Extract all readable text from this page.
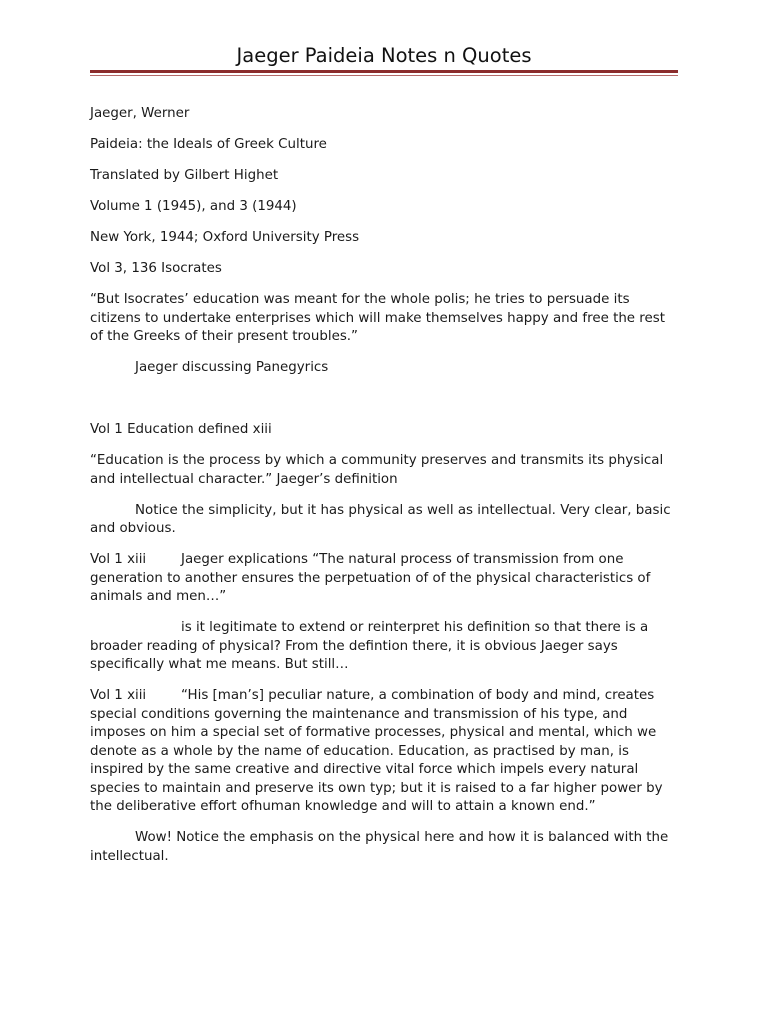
Jaeger Paideia Notes n Quotes

Jaeger, Werner

Paideia: the Ideals of Greek Culture

Translated by Gilbert Highet

Volume 1 (1945), and 3 (1944)

New York, 1944; Oxford University Press

Vol 3, 136 Isocrates

“But Isocrates’ education was meant for the whole polis; he tries to persuade its citizens to undertake enterprises which will make themselves happy and free the rest of the Greeks of their present troubles.”

Jaeger discussing Panegyrics

Vol 1 Education defined xiii

“Education is the process by which a community preserves and transmits its physical and intellectual character.” Jaeger’s definition

Notice the simplicity, but it has physical as well as intellectual. Very clear, basic and obvious.

Vol 1 xiii	Jaeger explications “The natural process of transmission from one generation to another ensures the perpetuation of of the physical characteristics of animals and men…”

is it legitimate to extend or reinterpret his definition so that there is a broader reading of physical? From the defintion there, it is obvious Jaeger says specifically what me means. But still…

Vol 1 xiii	“His [man’s] peculiar nature, a combination of body and mind, creates special conditions governing the maintenance and transmission of his type, and imposes on him a special set of formative processes, physical and mental, which we denote as a whole by the name of education. Education, as practised by man, is inspired by the same creative and directive vital force which impels every natural species to maintain and preserve its own typ; but it is raised to a far higher power by the deliberative effort ofhuman knowledge and will to attain a known end.”

Wow! Notice the emphasis on the physical here and how it is balanced with the intellectual.
